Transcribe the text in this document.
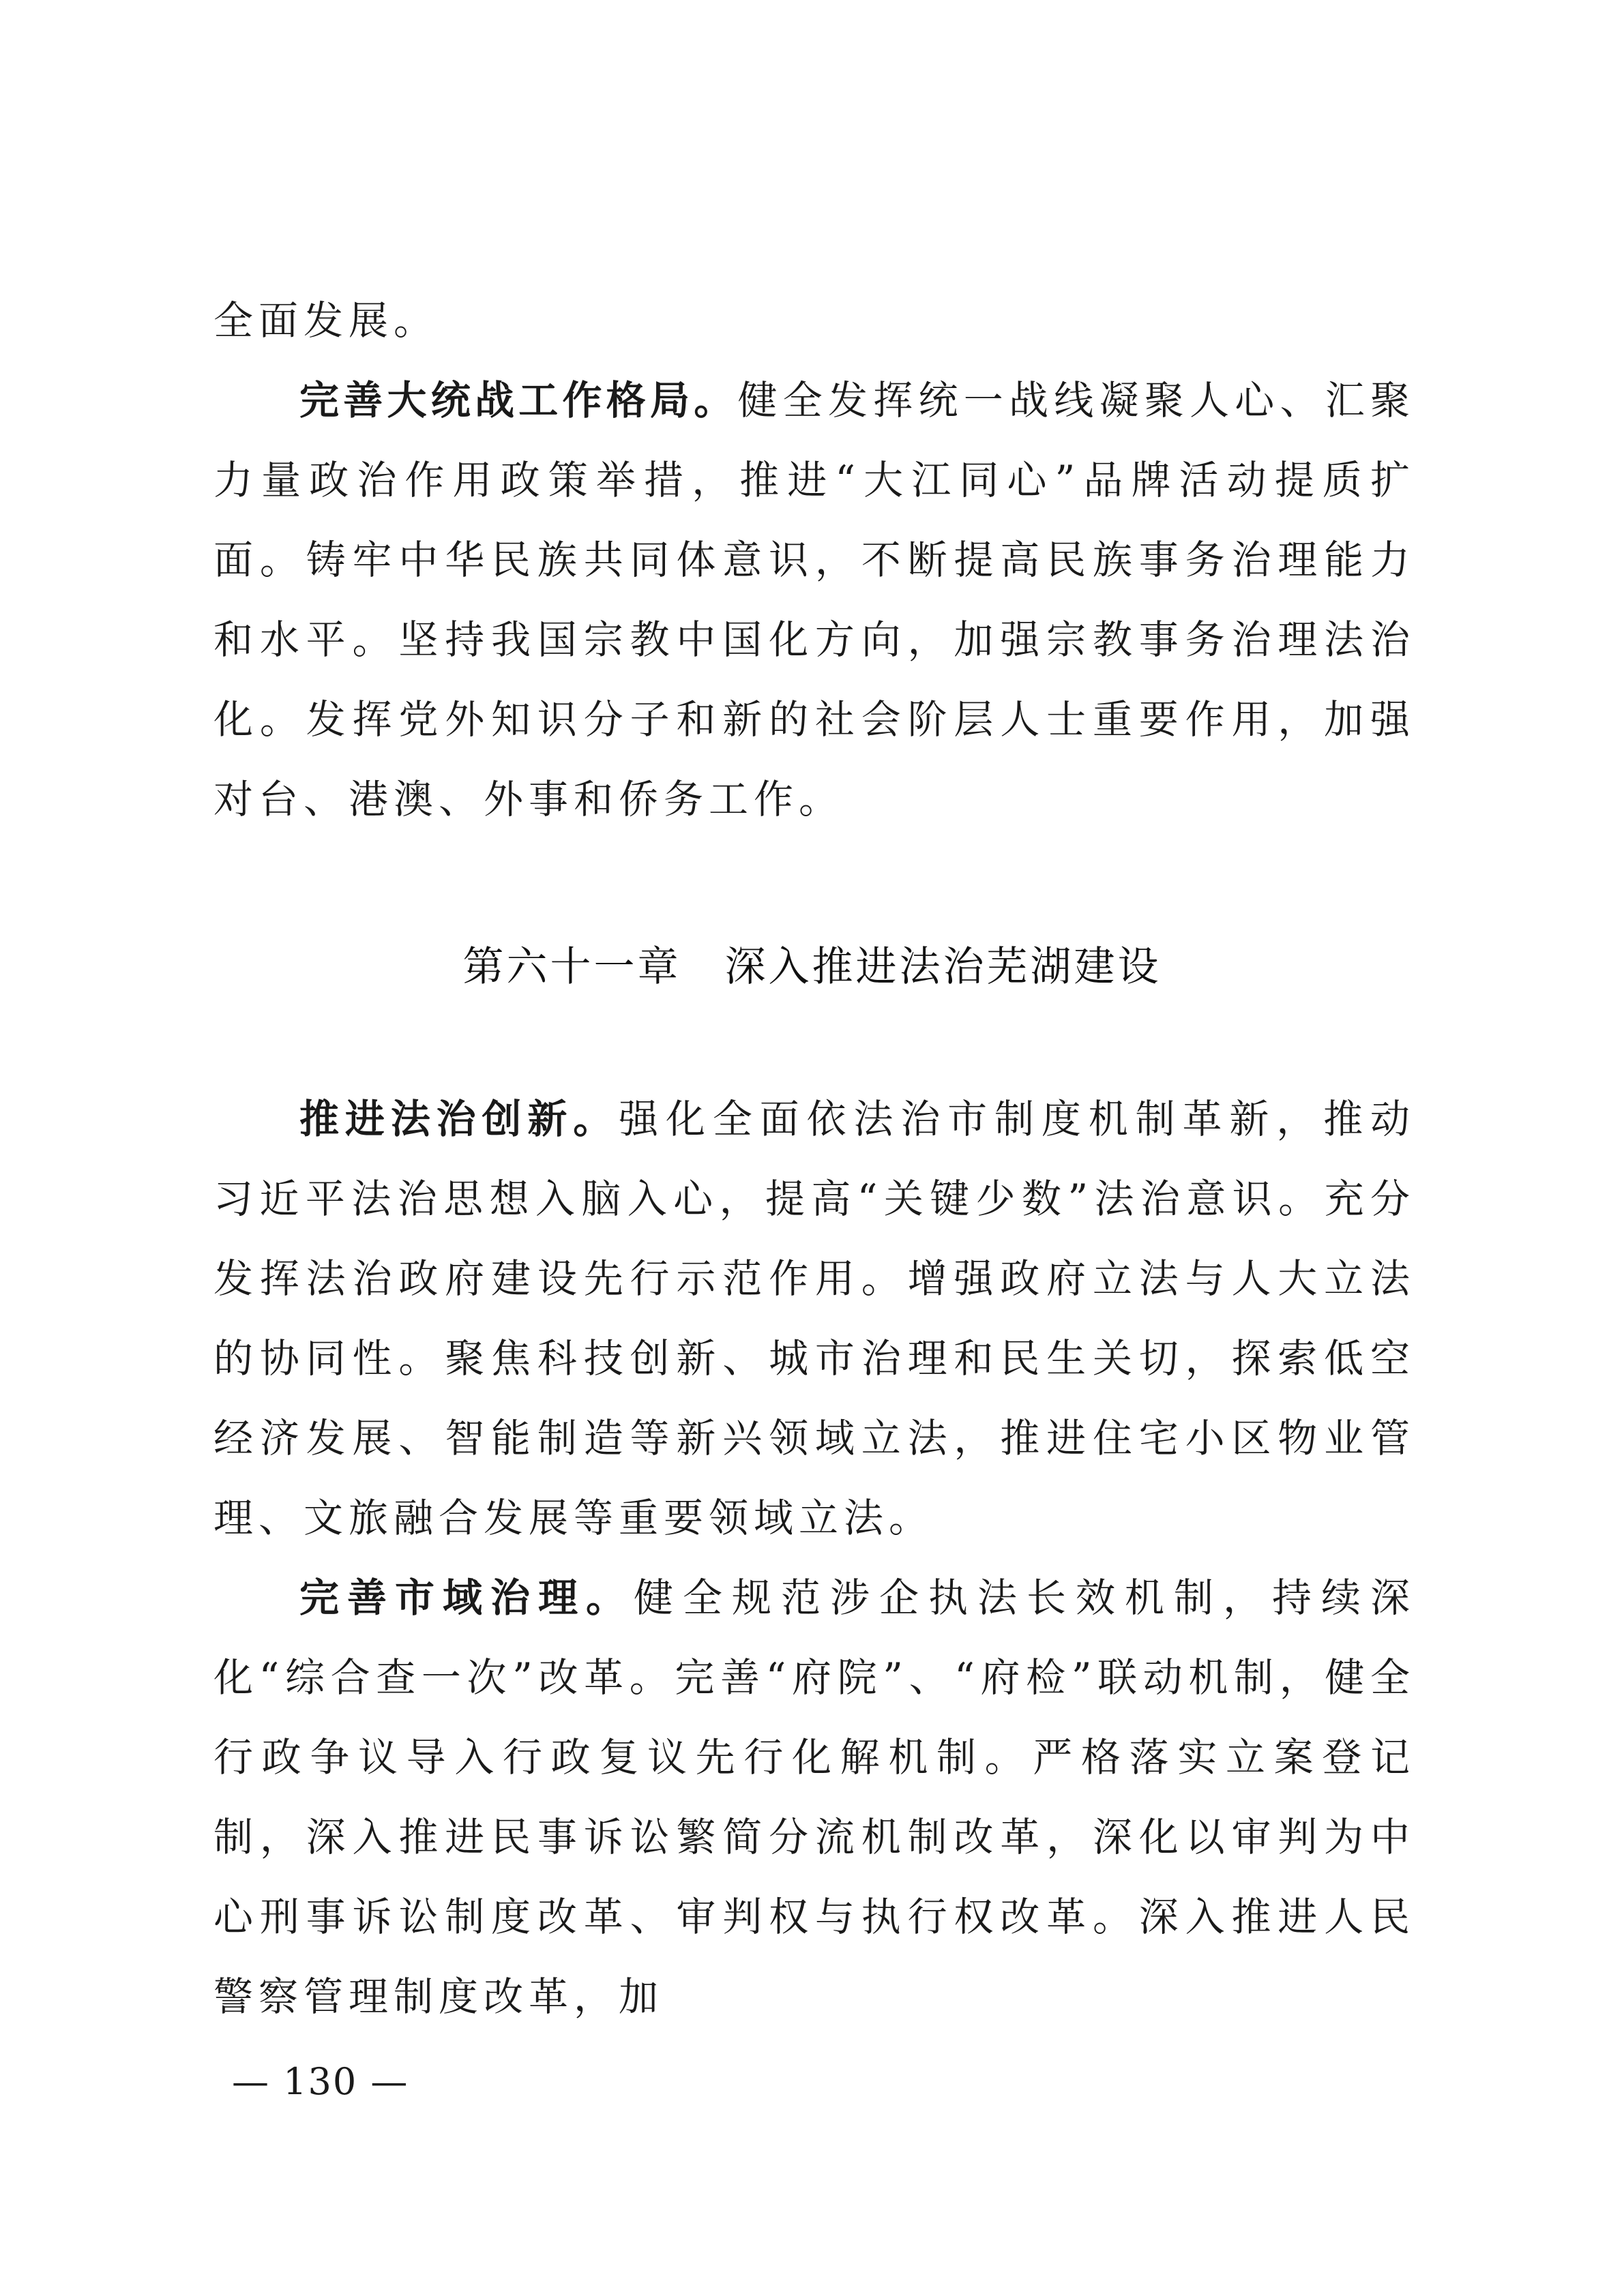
全面发展。

完善大统战工作格局。健全发挥统一战线凝聚人心、汇聚力量政治作用政策举措，推进“大江同心”品牌活动提质扩面。铸牢中华民族共同体意识，不断提高民族事务治理能力和水平。坚持我国宗教中国化方向，加强宗教事务治理法治化。发挥党外知识分子和新的社会阶层人士重要作用，加强对台、港澳、外事和侨务工作。

第六十一章　深入推进法治芜湖建设

推进法治创新。强化全面依法治市制度机制革新，推动习近平法治思想入脑入心，提高“关键少数”法治意识。充分发挥法治政府建设先行示范作用。增强政府立法与人大立法的协同性。聚焦科技创新、城市治理和民生关切，探索低空经济发展、智能制造等新兴领域立法，推进住宅小区物业管理、文旅融合发展等重要领域立法。

完善市域治理。健全规范涉企执法长效机制，持续深化“综合查一次”改革。完善“府院”、“府检”联动机制，健全行政争议导入行政复议先行化解机制。严格落实立案登记制，深入推进民事诉讼繁简分流机制改革，深化以审判为中心刑事诉讼制度改革、审判权与执行权改革。深入推进人民警察管理制度改革，加

— 130 —
